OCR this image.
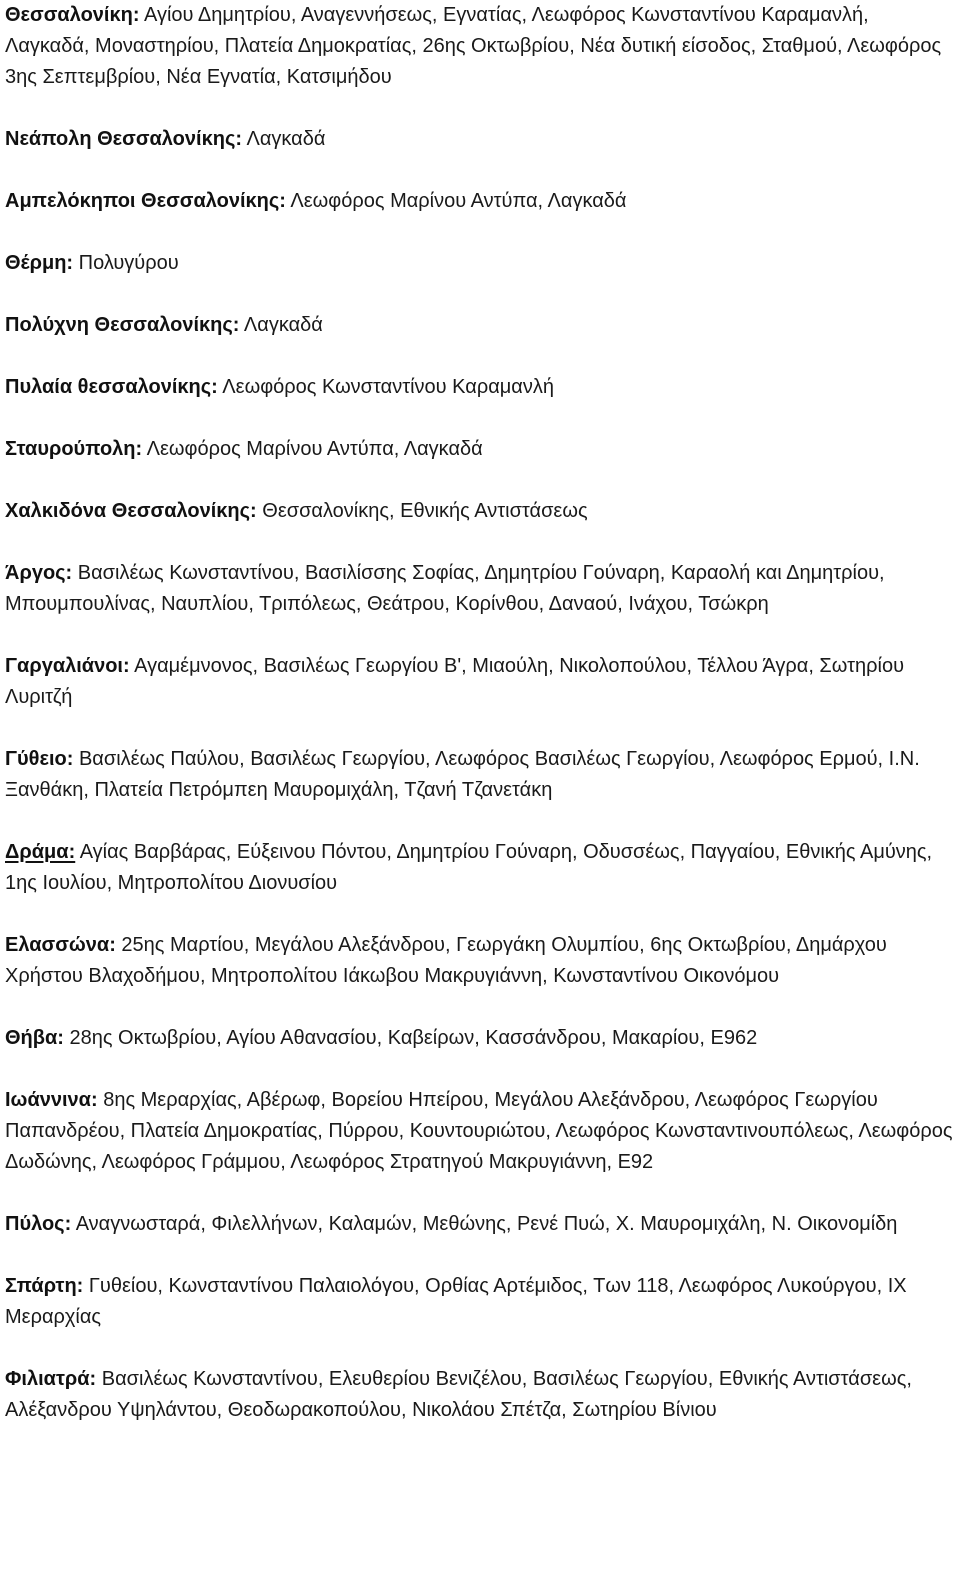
Θεσσαλονίκη: Αγίου Δημητρίου, Αναγεννήσεως, Εγνατίας, Λεωφόρος Κωνσταντίνου Καραμανλή, Λαγκαδά, Μοναστηρίου, Πλατεία Δημοκρατίας, 26ης Οκτωβρίου, Νέα δυτική είσοδος, Σταθμού, Λεωφόρος 3ης Σεπτεμβρίου, Νέα Εγνατία, Κατσιμήδου

Νεάπολη Θεσσαλονίκης: Λαγκαδά

Αμπελόκηποι Θεσσαλονίκης: Λεωφόρος Μαρίνου Αντύπα, Λαγκαδά

Θέρμη: Πολυγύρου

Πολύχνη Θεσσαλονίκης: Λαγκαδά

Πυλαία θεσσαλονίκης: Λεωφόρος Κωνσταντίνου Καραμανλή

Σταυρούπολη: Λεωφόρος Μαρίνου Αντύπα, Λαγκαδά

Χαλκιδόνα Θεσσαλονίκης: Θεσσαλονίκης, Εθνικής Αντιστάσεως

Άργος: Βασιλέως Κωνσταντίνου, Βασιλίσσης Σοφίας, Δημητρίου Γούναρη, Καραολή και Δημητρίου, Μπουμπουλίνας, Ναυπλίου, Τριπόλεως, Θεάτρου, Κορίνθου, Δαναού, Ινάχου, Τσώκρη

Γαργαλιάνοι: Αγαμέμνονος, Βασιλέως Γεωργίου Β', Μιαούλη, Νικολοπούλου, Τέλλου Άγρα, Σωτηρίου Λυριτζή

Γύθειο: Βασιλέως Παύλου, Βασιλέως Γεωργίου, Λεωφόρος Βασιλέως Γεωργίου, Λεωφόρος Ερμού, Ι.Ν. Ξανθάκη, Πλατεία Πετρόμπεη Μαυρομιχάλη, Τζανή Τζανετάκη

Δράμα: Αγίας Βαρβάρας, Εύξεινου Πόντου, Δημητρίου Γούναρη, Οδυσσέως, Παγγαίου, Εθνικής Αμύνης, 1ης Ιουλίου, Μητροπολίτου Διονυσίου

Ελασσώνα: 25ης Μαρτίου, Μεγάλου Αλεξάνδρου, Γεωργάκη Ολυμπίου, 6ης Οκτωβρίου, Δημάρχου Χρήστου Βλαχοδήμου, Μητροπολίτου Ιάκωβου Μακρυγιάννη, Κωνσταντίνου Οικονόμου

Θήβα: 28ης Οκτωβρίου, Αγίου Αθανασίου, Καβείρων, Κασσάνδρου, Μακαρίου, Ε962

Ιωάννινα: 8ης Μεραρχίας, Αβέρωφ, Βορείου Ηπείρου, Μεγάλου Αλεξάνδρου, Λεωφόρος Γεωργίου Παπανδρέου, Πλατεία Δημοκρατίας, Πύρρου, Κουντουριώτου, Λεωφόρος Κωνσταντινουπόλεως, Λεωφόρος Δωδώνης, Λεωφόρος Γράμμου, Λεωφόρος Στρατηγού Μακρυγιάννη, Ε92

Πύλος: Αναγνωσταρά, Φιλελλήνων, Καλαμών, Μεθώνης, Ρενέ Πυώ, Χ. Μαυρομιχάλη, Ν. Οικονομίδη

Σπάρτη: Γυθείου, Κωνσταντίνου Παλαιολόγου, Ορθίας Αρτέμιδος, Των 118, Λεωφόρος Λυκούργου, ΙΧ Μεραρχίας

Φιλιατρά: Βασιλέως Κωνσταντίνου, Ελευθερίου Βενιζέλου, Βασιλέως Γεωργίου, Εθνικής Αντιστάσεως, Αλέξανδρου Υψηλάντου, Θεοδωρακοπούλου, Νικολάου Σπέτζα, Σωτηρίου Βίνιου
